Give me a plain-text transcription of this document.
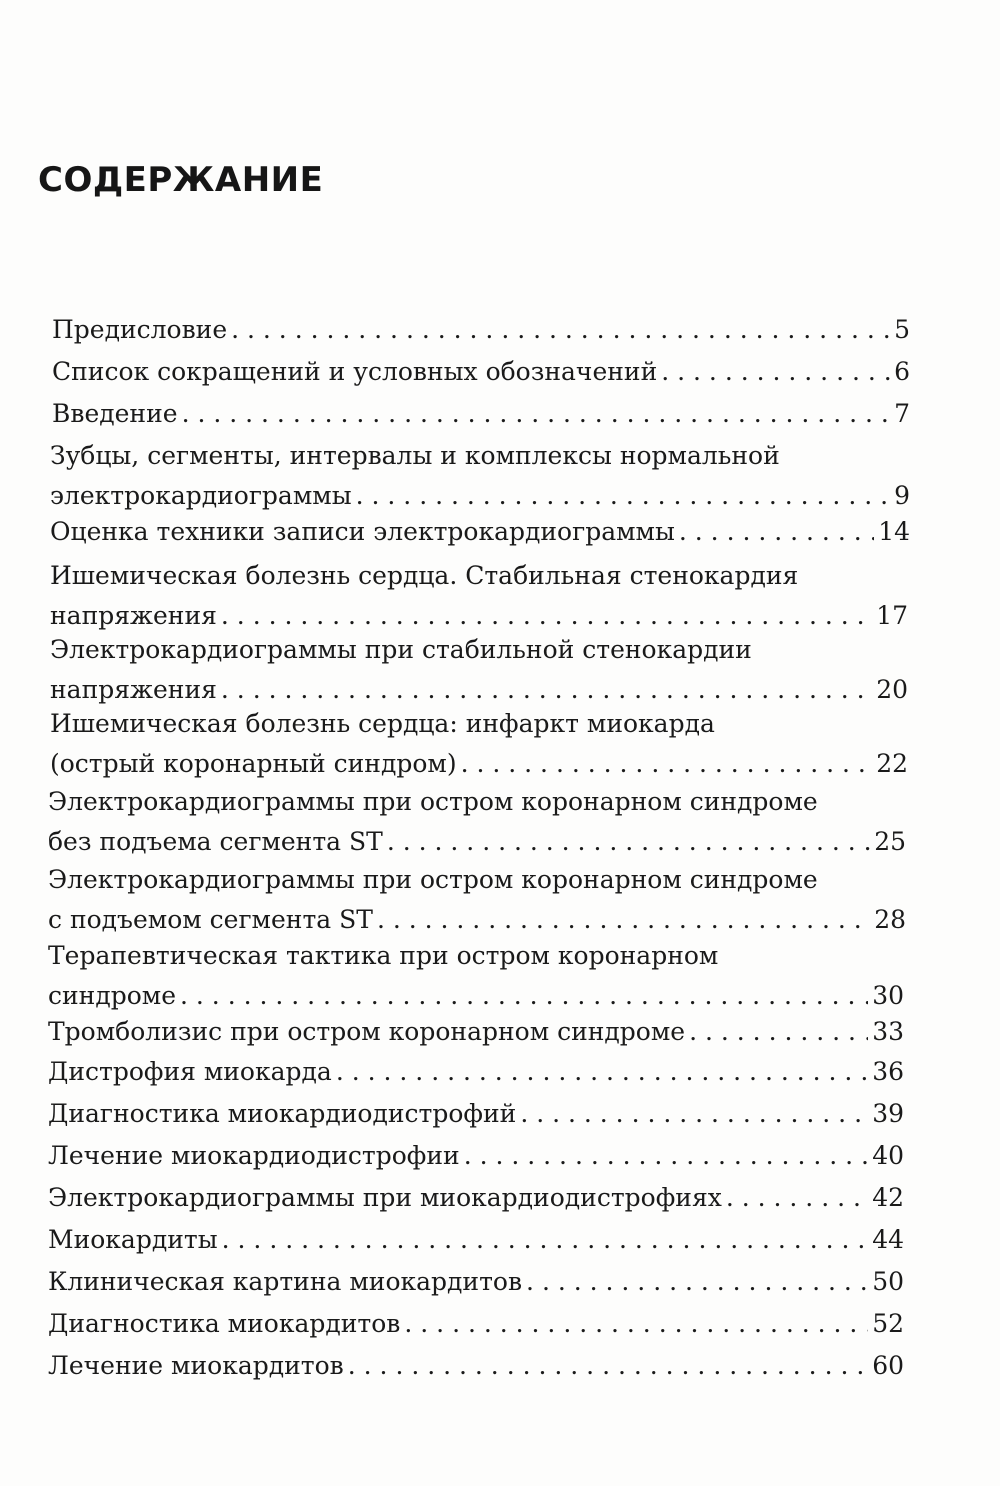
СОДЕРЖАНИЕ
Предисловие . . .	5
Список сокращений и условных обозначений . . .	6
Введение . . .	7
Зубцы, сегменты, интервалы и комплексы нормальной
электрокардиограммы . . .	9
Оценка техники записи электрокардиограммы . . .	14
Ишемическая болезнь сердца. Стабильная стенокардия
напряжения . . .	17
Электрокардиограммы при стабильной стенокардии
напряжения . . .	20
Ишемическая болезнь сердца: инфаркт миокарда
(острый коронарный синдром) . . .	22
Электрокардиограммы при остром коронарном синдроме
без подъема сегмента ST . . .	25
Электрокардиограммы при остром коронарном синдроме
с подъемом сегмента ST . . .	28
Терапевтическая тактика при остром коронарном
синдроме . . .	30
Тромболизис при остром коронарном синдроме . . .	33
Дистрофия миокарда . . .	36
Диагностика миокардиодистрофий . . .	39
Лечение миокардиодистрофии . . .	40
Электрокардиограммы при миокардиодистрофиях . . .	42
Миокардиты . . .	44
Клиническая картина миокардитов . . .	50
Диагностика миокардитов . . .	52
Лечение миокардитов . . .	60
